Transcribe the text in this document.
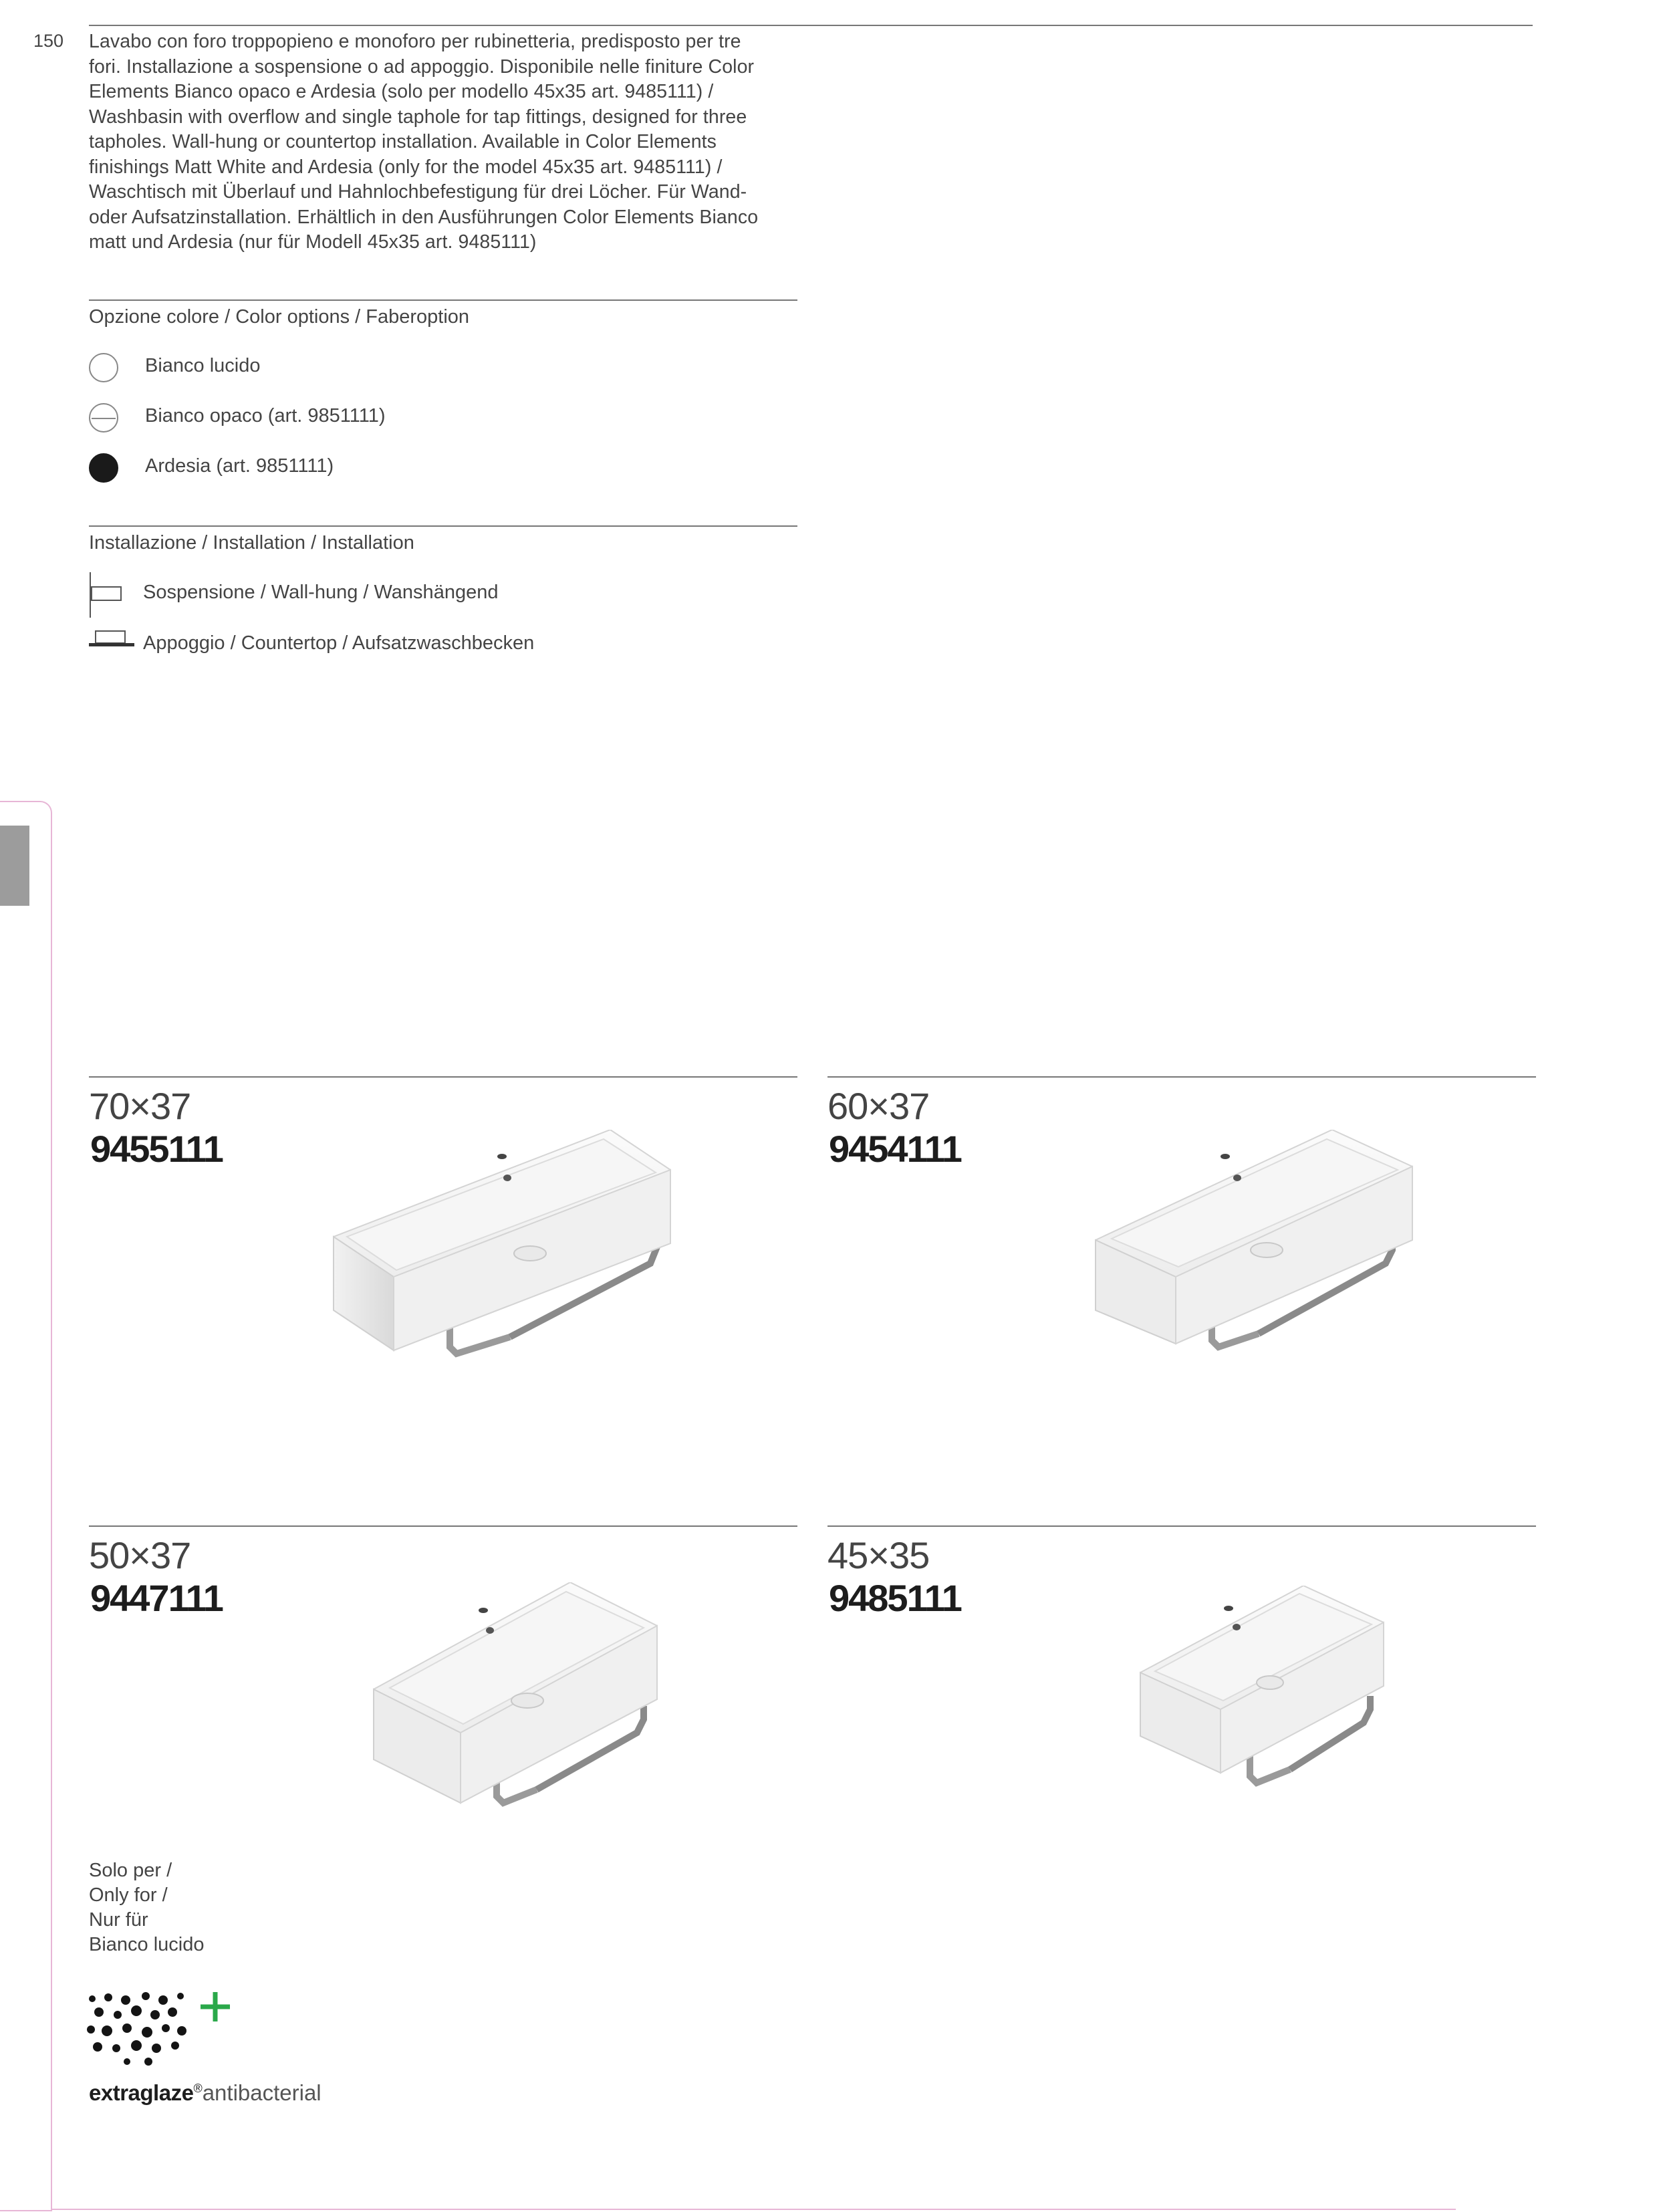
150 Lavabo con foro troppopieno e monoforo per rubinetteria, predisposto per tre
fori. Installazione a sospensione o ad appoggio. Disponibile nelle finiture Color
Elements Bianco opaco e Ardesia (solo per modello 45x35 art. 9485111) /
Washbasin with overflow and single taphole for tap fittings, designed for three
tapholes. Wall-hung or countertop installation. Available in Color Elements
finishings Matt White and Ardesia (only for the model 45x35 art. 9485111) /
Waschtisch mit Überlauf und Hahnlochbefestigung für drei Löcher. Für Wand-
oder Aufsatzinstallation. Erhältlich in den Ausführungen Color Elements Bianco
matt und Ardesia (nur für Modell 45x35 art. 9485111)
Opzione colore / Color options / Faberoption
Bianco lucido
Bianco opaco (art. 9851111)
Ardesia (art. 9851111)
Installazione / Installation / Installation
Sospensione / Wall-hung / Wanshängend
Appoggio / Countertop / Aufsatzwaschbecken
70×37
9455111
60×37
9454111
50×37
9447111
45×35
9485111
Solo per /
Only for /
Nur für
Bianco lucido
extraglaze®antibacterial
